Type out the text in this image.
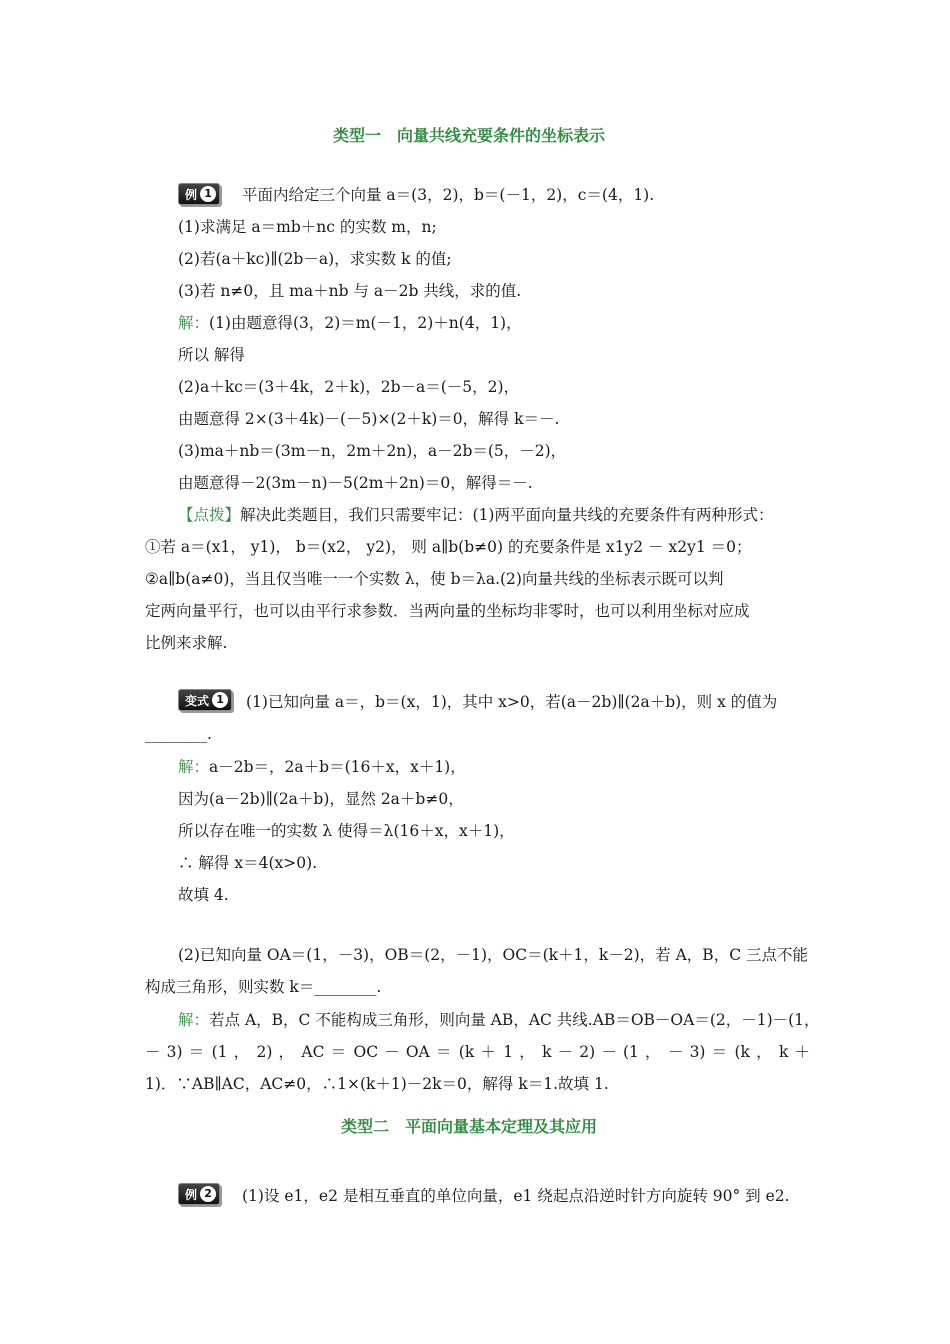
类型一　向量共线充要条件的坐标表示
例 1 平面内给定三个向量 a＝(3，2)，b＝(－1，2)，c＝(4，1).
(1)求满足 a＝mb＋nc 的实数 m，n;
(2)若(a＋kc)∥(2b－a)，求实数 k 的值;
(3)若 n≠0，且 ma＋nb 与 a－2b 共线，求的值.
解：(1)由题意得(3，2)＝m(－1，2)＋n(4，1)，
所以 解得
(2)a＋kc＝(3＋4k，2＋k)，2b－a＝(－5，2)，
由题意得 2×(3＋4k)－(－5)×(2＋k)＝0，解得 k＝－.
(3)ma＋nb＝(3m－n，2m＋2n)，a－2b＝(5，－2)，
由题意得－2(3m－n)－5(2m＋2n)＝0，解得＝－.
【点拨】解决此类题目，我们只需要牢记：(1)两平面向量共线的充要条件有两种形式：
①若 a＝(x1， y1)， b＝(x2， y2)， 则 a∥b(b≠0) 的充要条件是 x1y2 － x2y1 ＝0；
②a∥b(a≠0)，当且仅当唯一一个实数 λ，使 b＝λa.(2)向量共线的坐标表示既可以判
定两向量平行，也可以由平行求参数．当两向量的坐标均非零时，也可以利用坐标对应成
比例来求解.
变式 1 (1)已知向量 a＝，b＝(x，1)，其中 x>0，若(a－2b)∥(2a＋b)，则 x 的值为
________.
解：a－2b＝，2a＋b＝(16＋x，x＋1)，
因为(a－2b)∥(2a＋b)，显然 2a＋b≠0，
所以存在唯一的实数 λ 使得＝λ(16＋x，x＋1)，
∴ 解得 x＝4(x>0).
故填 4.
(2)已知向量 OA＝(1，－3)，OB＝(2，－1)，OC＝(k＋1，k－2)，若 A，B，C 三点不能
构成三角形，则实数 k＝________.
解：若点 A，B，C 不能构成三角形，则向量 AB，AC 共线.AB＝OB－OA＝(2，－1)－(1，
－ 3) ＝ (1 ， 2) ， AC ＝ OC － OA ＝ (k ＋ 1 ， k － 2) － (1 ， － 3) ＝ (k ， k ＋
1)．∵AB∥AC，AC≠0，∴1×(k＋1)－2k＝0，解得 k＝1.故填 1.
类型二　平面向量基本定理及其应用
例 2 (1)设 e1，e2 是相互垂直的单位向量，e1 绕起点沿逆时针方向旋转 90° 到 e2.
